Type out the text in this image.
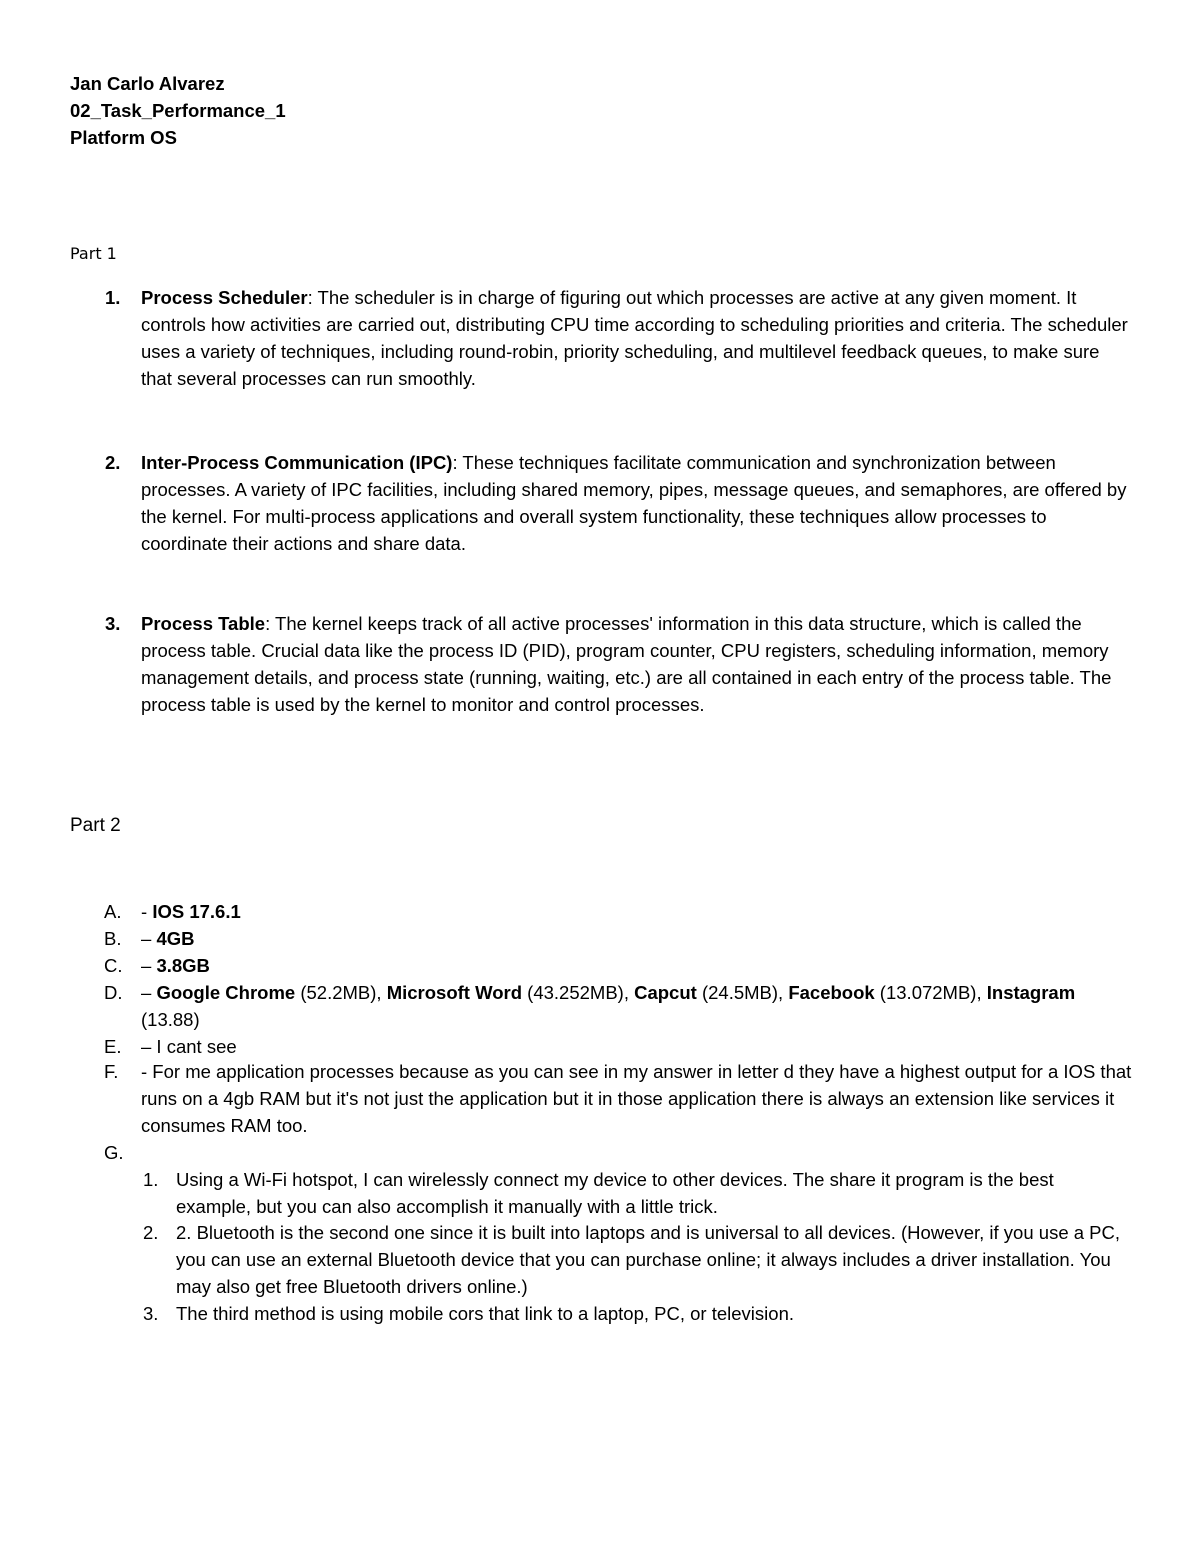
Jan Carlo Alvarez
02_Task_Performance_1
Platform OS
Part 1
1. Process Scheduler: The scheduler is in charge of figuring out which processes are active at any given moment. It controls how activities are carried out, distributing CPU time according to scheduling priorities and criteria. The scheduler uses a variety of techniques, including round-robin, priority scheduling, and multilevel feedback queues, to make sure that several processes can run smoothly.
2. Inter-Process Communication (IPC): These techniques facilitate communication and synchronization between processes. A variety of IPC facilities, including shared memory, pipes, message queues, and semaphores, are offered by the kernel. For multi-process applications and overall system functionality, these techniques allow processes to coordinate their actions and share data.
3. Process Table: The kernel keeps track of all active processes' information in this data structure, which is called the process table. Crucial data like the process ID (PID), program counter, CPU registers, scheduling information, memory management details, and process state (running, waiting, etc.) are all contained in each entry of the process table. The process table is used by the kernel to monitor and control processes.
Part 2
A. - IOS 17.6.1
B. – 4GB
C. – 3.8GB
D. – Google Chrome (52.2MB), Microsoft Word (43.252MB), Capcut (24.5MB), Facebook (13.072MB), Instagram (13.88)
E. – I cant see
F. - For me application processes because as you can see in my answer in letter d they have a highest output for a IOS that runs on a 4gb RAM but it's not just the application but it in those application there is always an extension like services it consumes RAM too.
G.
1. Using a Wi-Fi hotspot, I can wirelessly connect my device to other devices. The share it program is the best example, but you can also accomplish it manually with a little trick.
2. 2. Bluetooth is the second one since it is built into laptops and is universal to all devices. (However, if you use a PC, you can use an external Bluetooth device that you can purchase online; it always includes a driver installation. You may also get free Bluetooth drivers online.)
3. The third method is using mobile cors that link to a laptop, PC, or television.
